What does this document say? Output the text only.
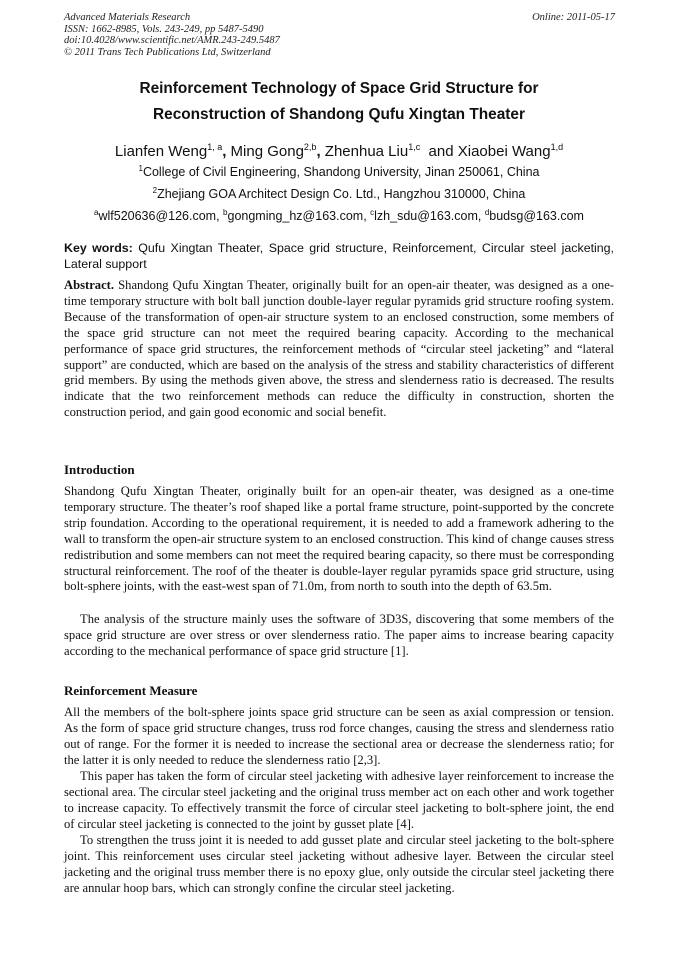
Advanced Materials Research
ISSN: 1662-8985, Vols. 243-249, pp 5487-5490
doi:10.4028/www.scientific.net/AMR.243-249.5487
© 2011 Trans Tech Publications Ltd, Switzerland
Online: 2011-05-17
Reinforcement Technology of Space Grid Structure for
Reconstruction of Shandong Qufu Xingtan Theater
Lianfen Weng$^{1, a}$, Ming Gong$^{2,b}$, Zhenhua Liu$^{1,c}$  and Xiaobei Wang$^{1,d}$
$^1$College of Civil Engineering, Shandong University, Jinan 250061, China
$^2$Zhejiang GOA Architect Design Co. Ltd., Hangzhou 310000, China
$^a$wlf520636@126.com, $^b$gongming_hz@163.com, $^c$lzh_sdu@163.com, $^d$budsg@163.com
Key words: Qufu Xingtan Theater, Space grid structure, Reinforcement, Circular steel jacketing, Lateral support
Abstract. Shandong Qufu Xingtan Theater, originally built for an open-air theater, was designed as a one-time temporary structure with bolt ball junction double-layer regular pyramids grid structure roofing system. Because of the transformation of open-air structure system to an enclosed construction, some members of the space grid structure can not meet the required bearing capacity. According to the mechanical performance of space grid structures, the reinforcement methods of “circular steel jacketing” and “lateral support” are conducted, which are based on the analysis of the stress and stability characteristics of different grid members. By using the methods given above, the stress and slenderness ratio is decreased. The results indicate that the two reinforcement methods can reduce the difficulty in construction, shorten the construction period, and gain good economic and social benefit.
Introduction
Shandong Qufu Xingtan Theater, originally built for an open-air theater, was designed as a one-time temporary structure. The theater’s roof shaped like a portal frame structure, point-supported by the concrete strip foundation. According to the operational requirement, it is needed to add a framework adhering to the wall to transform the open-air structure system to an enclosed construction. This kind of change causes stress redistribution and some members can not meet the required bearing capacity, so there must be corresponding structural reinforcement. The roof of the theater is double-layer regular pyramids space grid structure, using bolt-sphere joints, with the east-west span of 71.0m, from north to south into the depth of 63.5m.
The analysis of the structure mainly uses the software of 3D3S, discovering that some members of the space grid structure are over stress or over slenderness ratio. The paper aims to increase bearing capacity according to the mechanical performance of space grid structure [1].
Reinforcement Measure
All the members of the bolt-sphere joints space grid structure can be seen as axial compression or tension. As the form of space grid structure changes, truss rod force changes, causing the stress and slenderness ratio out of range. For the former it is needed to increase the sectional area or decrease the slenderness ratio; for the latter it is only needed to reduce the slenderness ratio [2,3].
This paper has taken the form of circular steel jacketing with adhesive layer reinforcement to increase the sectional area. The circular steel jacketing and the original truss member act on each other and work together to increase capacity. To effectively transmit the force of circular steel jacketing to bolt-sphere joint, the end of circular steel jacketing is connected to the joint by gusset plate [4].
To strengthen the truss joint it is needed to add gusset plate and circular steel jacketing to the bolt-sphere joint. This reinforcement uses circular steel jacketing without adhesive layer. Between the circular steel jacketing and the original truss member there is no epoxy glue, only outside the circular steel jacketing there are annular hoop bars, which can strongly confine the circular steel jacketing.
